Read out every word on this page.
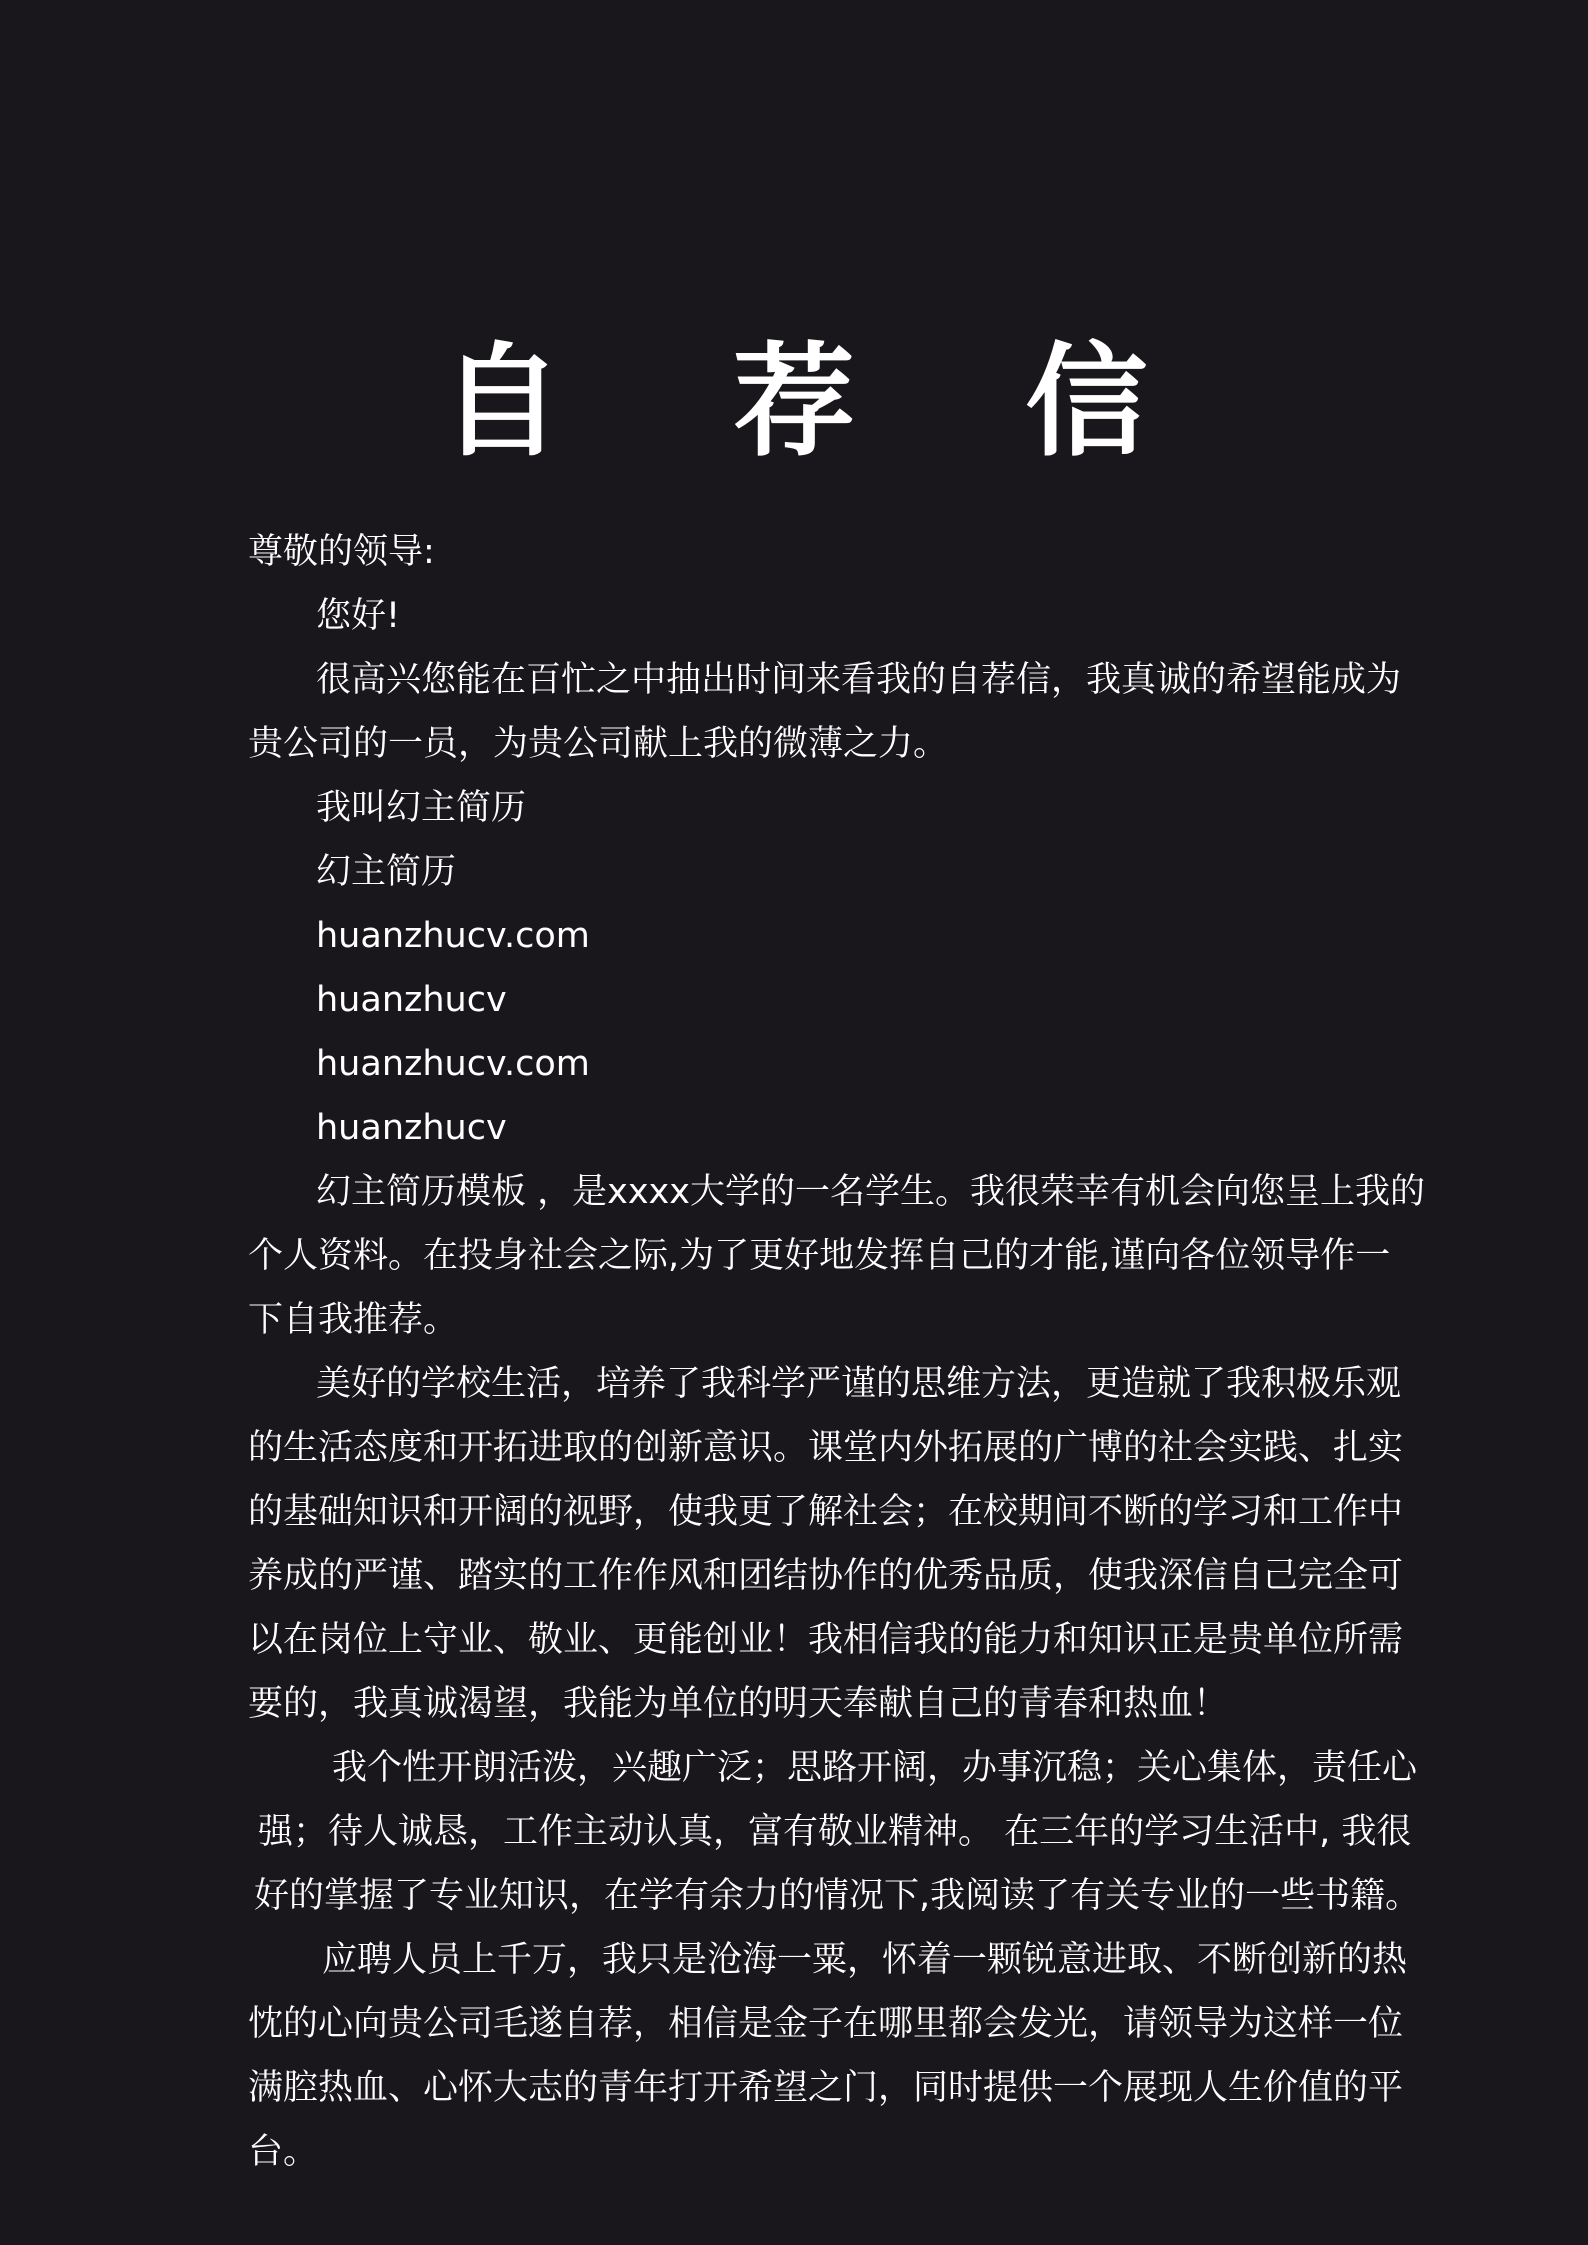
自 荐 信
尊敬的领导:
您好!
很高兴您能在百忙之中抽出时间来看我的自荐信，我真诚的希望能成为
贵公司的一员，为贵公司献上我的微薄之力。
我叫幻主简历
幻主简历
huanzhucv.com
huanzhucv
huanzhucv.com
huanzhucv
幻主简历模板 ，是xxxx大学的一名学生。我很荣幸有机会向您呈上我的
个人资料。在投身社会之际,为了更好地发挥自己的才能,谨向各位领导作一
下自我推荐。
美好的学校生活，培养了我科学严谨的思维方法，更造就了我积极乐观
的生活态度和开拓进取的创新意识。课堂内外拓展的广博的社会实践、扎实
的基础知识和开阔的视野，使我更了解社会；在校期间不断的学习和工作中
养成的严谨、踏实的工作作风和团结协作的优秀品质，使我深信自己完全可
以在岗位上守业、敬业、更能创业！我相信我的能力和知识正是贵单位所需
要的，我真诚渴望，我能为单位的明天奉献自己的青春和热血！
我个性开朗活泼，兴趣广泛；思路开阔，办事沉稳；关心集体，责任心
强；待人诚恳，工作主动认真，富有敬业精神。 在三年的学习生活中, 我很
好的掌握了专业知识，在学有余力的情况下,我阅读了有关专业的一些书籍。
应聘人员上千万，我只是沧海一粟，怀着一颗锐意进取、不断创新的热
忱的心向贵公司毛遂自荐，相信是金子在哪里都会发光，请领导为这样一位
满腔热血、心怀大志的青年打开希望之门，同时提供一个展现人生价值的平
台。
